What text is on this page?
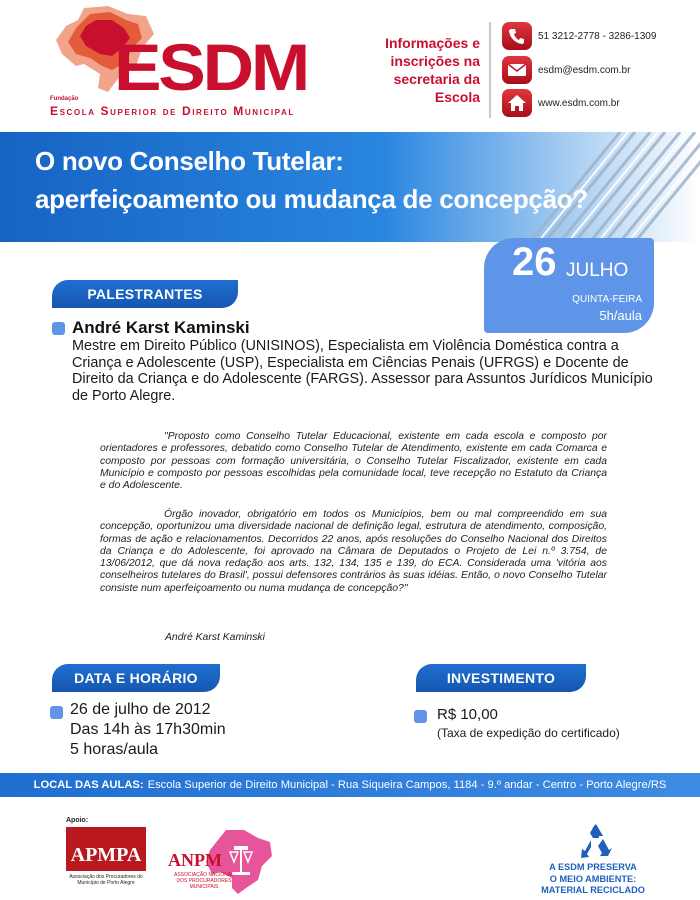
ESDM
Fundação
Escola Superior de Direito Municipal
Informações e
inscrições na
secretaria da
Escola
51 3212-2778 - 3286-1309
esdm@esdm.com.br
www.esdm.com.br
O novo Conselho Tutelar:
aperfeiçoamento ou mudança de concepção?
26 JULHO
QUINTA-FEIRA
5h/aula
PALESTRANTES
André Karst Kaminski
Mestre em Direito Público (UNISINOS), Especialista em Violência Doméstica contra a Criança e Adolescente (USP), Especialista em Ciências Penais (UFRGS) e Docente de Direito da Criança e do Adolescente (FARGS). Assessor para Assuntos Jurídicos Município de Porto Alegre.

"Proposto como Conselho Tutelar Educacional, existente em cada escola e composto por orientadores e professores, debatido como Conselho Tutelar de Atendimento, existente em cada Comarca e composto por pessoas com formação universitária, o Conselho Tutelar Fiscalizador, existente em cada Município e composto por pessoas escolhidas pela comunidade local, teve recepção no Estatuto da Criança e do Adolescente.

Órgão inovador, obrigatório em todos os Municípios, bem ou mal compreendido em sua concepção, oportunizou uma diversidade nacional de definição legal, estrutura de atendimento, composição, formas de ação e relacionamentos. Decorridos 22 anos, após resoluções do Conselho Nacional dos Direitos da Criança e do Adolescente, foi aprovado na Câmara de Deputados o Projeto de Lei n.º 3.754, de 13/06/2012, que dá nova redação aos arts. 132, 134, 135 e 139, do ECA. Considerada uma 'vitória aos conselheiros tutelares do Brasil', possui defensores contrários às suas idéias. Então, o novo Conselho Tutelar consiste num aperfeiçoamento ou numa mudança de concepção?"

André Karst Kaminski
DATA E HORÁRIO
26 de julho de 2012
Das 14h às 17h30min
5 horas/aula
INVESTIMENTO
R$ 10,00
(Taxa de expedição do certificado)
LOCAL DAS AULAS: Escola Superior de Direito Municipal - Rua Siqueira Campos, 1184 - 9.º andar - Centro - Porto Alegre/RS
Apoio:
APMPA
Associação dos Procuradores do Município de Porto Alegre
ANPM
ASSOCIAÇÃO NACIONAL DOS PROCURADORES MUNICIPAIS
A ESDM PRESERVA
O MEIO AMBIENTE:
MATERIAL RECICLADO
